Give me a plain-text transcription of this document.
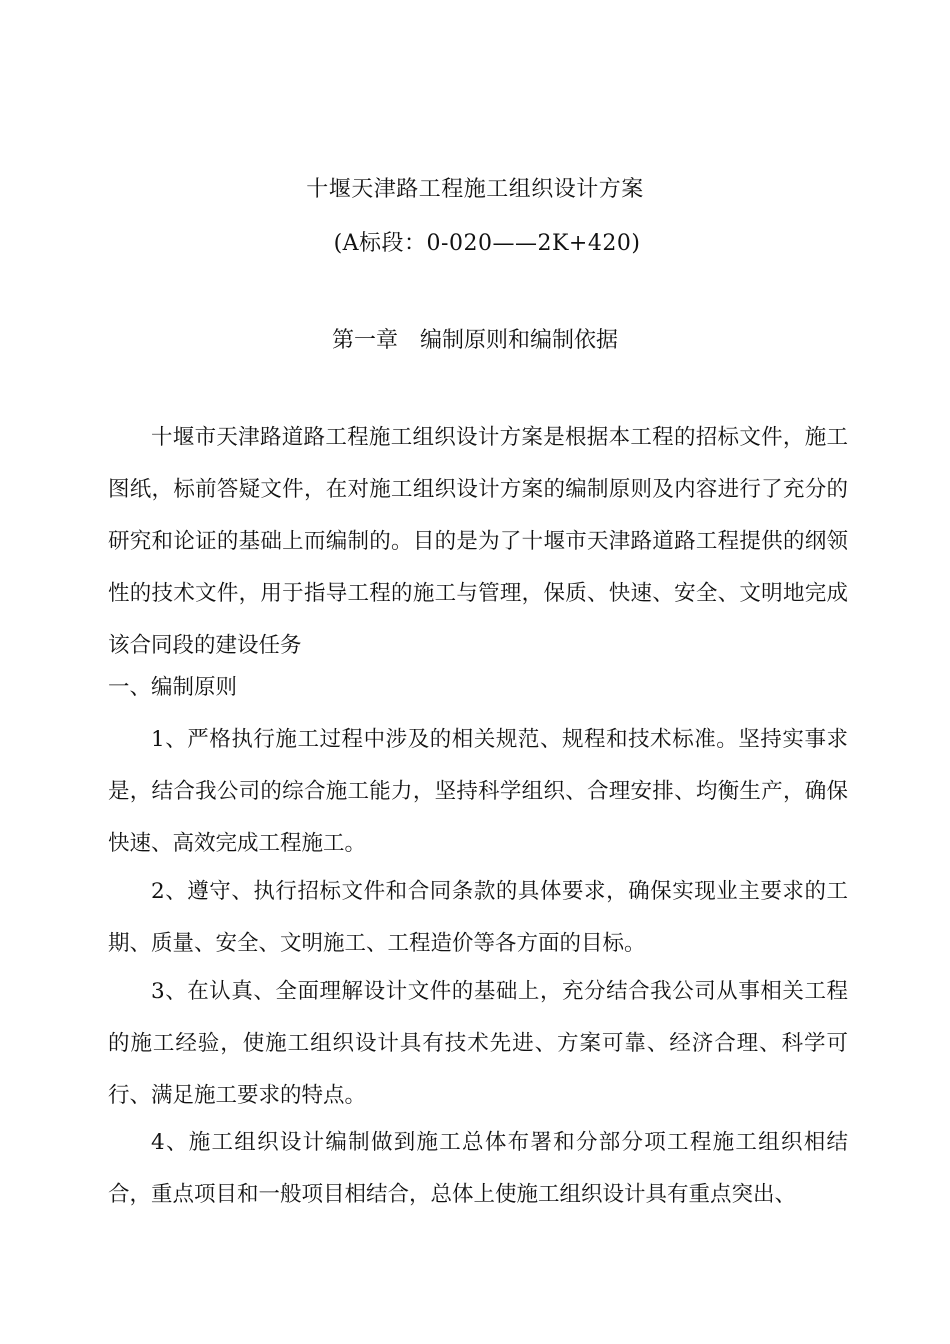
十堰天津路工程施工组织设计方案
(A标段：0-020——2K+420)
第一章　编制原则和编制依据
十堰市天津路道路工程施工组织设计方案是根据本工程的招标文件，施工图纸，标前答疑文件，在对施工组织设计方案的编制原则及内容进行了充分的研究和论证的基础上而编制的。目的是为了十堰市天津路道路工程提供的纲领性的技术文件，用于指导工程的施工与管理，保质、快速、安全、文明地完成该合同段的建设任务
一、编制原则
1、严格执行施工过程中涉及的相关规范、规程和技术标准。坚持实事求是，结合我公司的综合施工能力，坚持科学组织、合理安排、均衡生产，确保快速、高效完成工程施工。
2、遵守、执行招标文件和合同条款的具体要求，确保实现业主要求的工期、质量、安全、文明施工、工程造价等各方面的目标。
3、在认真、全面理解设计文件的基础上，充分结合我公司从事相关工程的施工经验，使施工组织设计具有技术先进、方案可靠、经济合理、科学可行、满足施工要求的特点。
4、施工组织设计编制做到施工总体布署和分部分项工程施工组织相结合，重点项目和一般项目相结合，总体上使施工组织设计具有重点突出、
